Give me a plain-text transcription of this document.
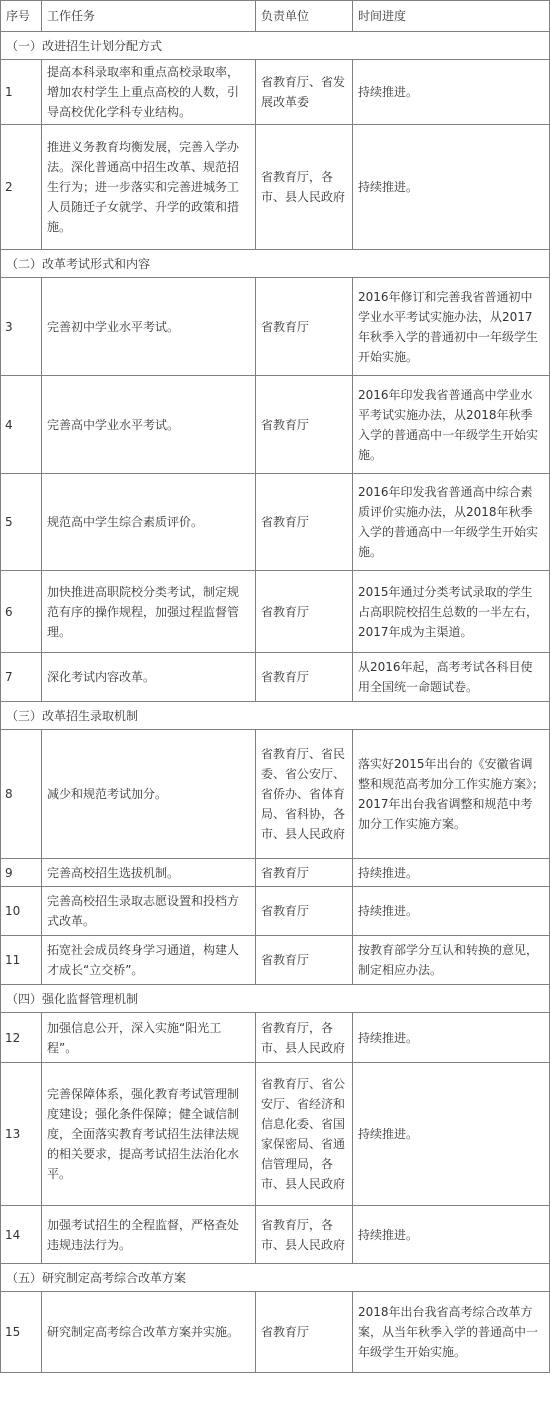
序号	工作任务	负责单位	时间进度
（一）改进招生计划分配方式			
1	提高本科录取率和重点高校录取率，增加农村学生上重点高校的人数，引导高校优化学科专业结构。	省教育厅、省发展改革委	持续推进。
2	推进义务教育均衡发展，完善入学办法。深化普通高中招生改革、规范招生行为；进一步落实和完善进城务工人员随迁子女就学、升学的政策和措施。	省教育厅，各市、县人民政府	持续推进。
（二）改革考试形式和内容			
3	完善初中学业水平考试。	省教育厅	2016年修订和完善我省普通初中学业水平考试实施办法，从2017年秋季入学的普通初中一年级学生开始实施。
4	完善高中学业水平考试。	省教育厅	2016年印发我省普通高中学业水平考试实施办法，从2018年秋季入学的普通高中一年级学生开始实施。
5	规范高中学生综合素质评价。	省教育厅	2016年印发我省普通高中综合素质评价实施办法，从2018年秋季入学的普通高中一年级学生开始实施。
6	加快推进高职院校分类考试，制定规范有序的操作规程，加强过程监督管理。	省教育厅	2015年通过分类考试录取的学生占高职院校招生总数的一半左右，2017年成为主渠道。
7	深化考试内容改革。	省教育厅	从2016年起，高考考试各科目使用全国统一命题试卷。
（三）改革招生录取机制			
8	减少和规范考试加分。	省教育厅、省民委、省公安厅、省侨办、省体育局、省科协，各市、县人民政府	落实好2015年出台的《安徽省调整和规范高考加分工作实施方案》；2017年出台我省调整和规范中考加分工作实施方案。
9	完善高校招生选拔机制。	省教育厅	持续推进。
10	完善高校招生录取志愿设置和投档方式改革。	省教育厅	持续推进。
11	拓宽社会成员终身学习通道，构建人才成长“立交桥”。	省教育厅	按教育部学分互认和转换的意见，制定相应办法。
（四）强化监督管理机制			
12	加强信息公开，深入实施“阳光工程”。	省教育厅，各市、县人民政府	持续推进。
13	完善保障体系，强化教育考试管理制度建设；强化条件保障；健全诚信制度，全面落实教育考试招生法律法规的相关要求，提高考试招生法治化水平。	省教育厅、省公安厅、省经济和信息化委、省国家保密局、省通信管理局，各市、县人民政府	持续推进。
14	加强考试招生的全程监督，严格查处违规违法行为。	省教育厅，各市、县人民政府	持续推进。
（五）研究制定高考综合改革方案			
15	研究制定高考综合改革方案并实施。	省教育厅	2018年出台我省高考综合改革方案，从当年秋季入学的普通高中一年级学生开始实施。
